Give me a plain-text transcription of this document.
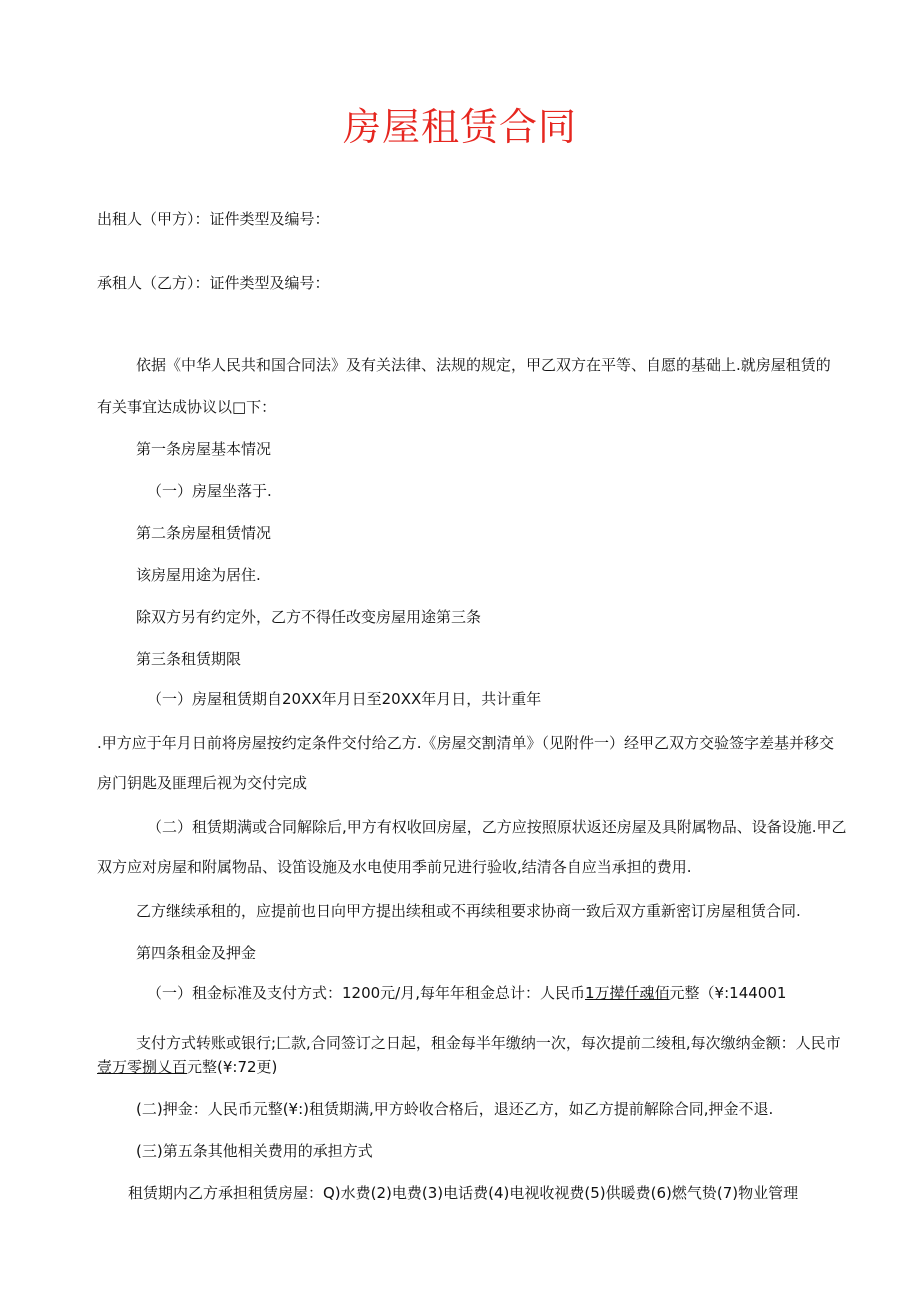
房屋租赁合同
出租人（甲方）：证件类型及编号：
承租人（乙方）：证件类型及编号：
依据《中华人民共和国合同法》及有关法律、法规的规定，甲乙双方在平等、自愿的基础上.就房屋租赁的
有关事宜达成协议以□下：
第一条房屋基本情况
（一）房屋坐落于.
第二条房屋租赁情况
该房屋用途为居住.
除双方另有约定外，乙方不得任改变房屋用途第三条
第三条租赁期限
（一）房屋租赁期自20XX年月日至20XX年月日，共计重年
.甲方应于年月日前将房屋按约定条件交付给乙方.《房屋交割清单》（见附件一）经甲乙双方交验签字差基并移交
房门钥匙及匪理后视为交付完成
（二）租赁期满或合同解除后,甲方有权收回房屋，乙方应按照原状返还房屋及具附属物品、设备设施.甲乙
双方应对房屋和附属物品、设笛设施及水电使用季前兄进行验收,结清各自应当承担的费用.
乙方继续承租的，应提前也日向甲方提出续租或不再续租要求协商一致后双方重新密订房屋租赁合同.
第四条租金及押金
（一）租金标准及支付方式：1200元/月,每年年租金总计：人民币1万撵仟魂佰元整（¥:144001
支付方式转账或银行;匚款,合同签订之日起，租金每半年缴纳一次，每次提前二绫租,每次缴纳金额：人民市
壹万零捌乂百元整(¥:72更)
(二)押金：人民币元整(¥:)租赁期满,甲方蛉收合格后，退还乙方，如乙方提前解除合同,押金不退.
(三)第五条其他相关费用的承担方式
租赁期内乙方承担租赁房屋：Q)水费(2)电费(3)电话费(4)电视收视费(5)供暖费(6)燃气贽(7)物业管理
